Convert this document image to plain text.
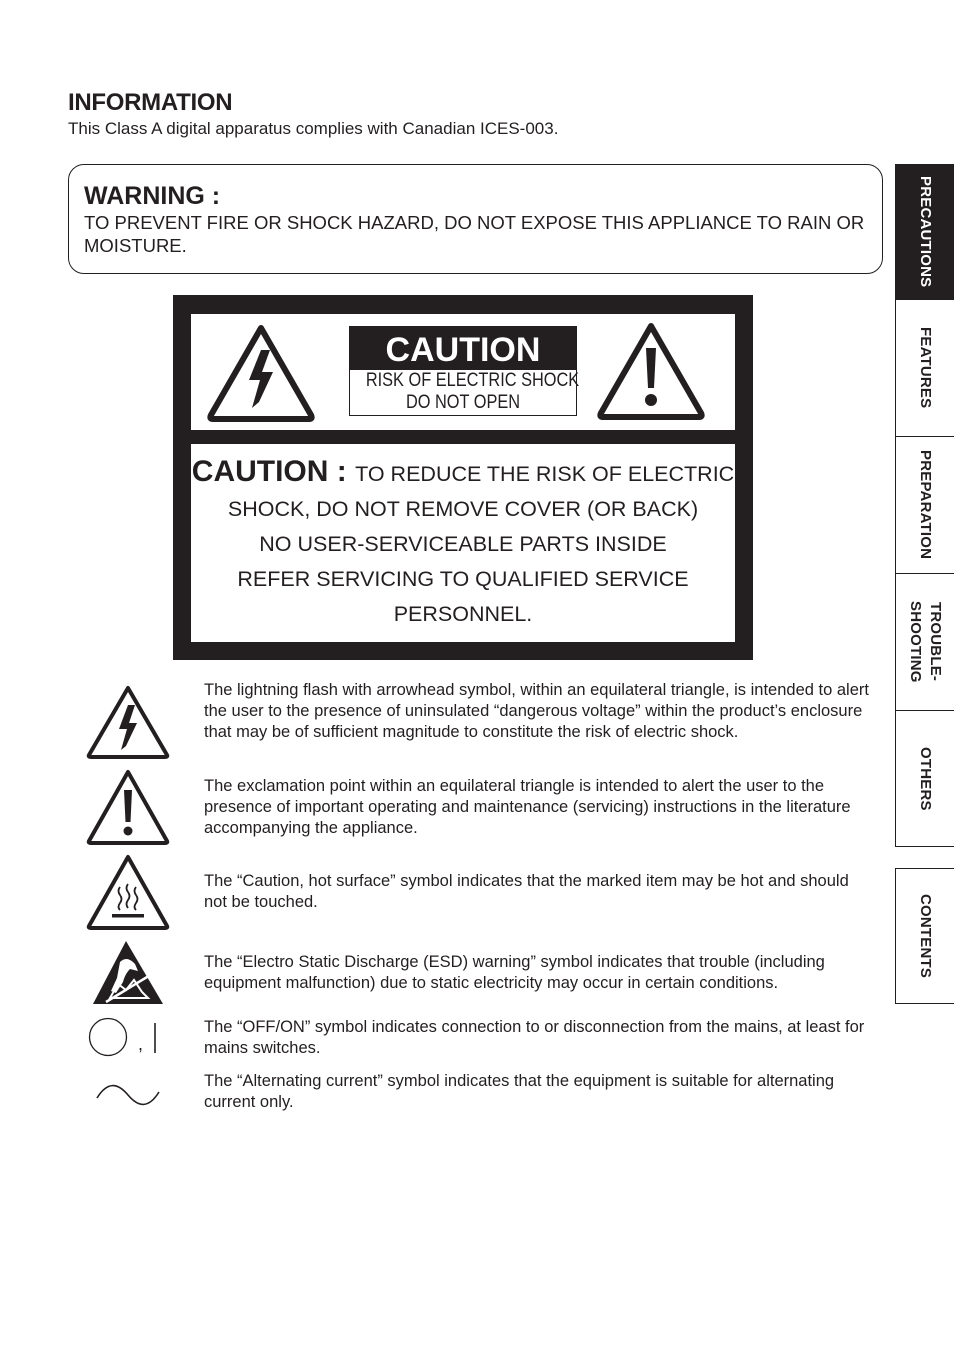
INFORMATION
This Class A digital apparatus complies with Canadian ICES-003.
WARNING :
TO PREVENT FIRE OR SHOCK HAZARD, DO NOT EXPOSE THIS APPLIANCE TO RAIN OR MOISTURE.
CAUTION
RISK OF ELECTRIC SHOCK
DO NOT OPEN
CAUTION : TO REDUCE THE RISK OF ELECTRIC
SHOCK, DO NOT REMOVE COVER (OR BACK)
NO USER-SERVICEABLE PARTS INSIDE
REFER SERVICING TO QUALIFIED SERVICE
PERSONNEL.
,
The lightning flash with arrowhead symbol, within an equilateral triangle, is intended to alert the user to the presence of uninsulated “dangerous voltage” within the product’s enclosure that may be of sufficient magnitude to constitute the risk of electric shock.
The exclamation point within an equilateral triangle is intended to alert the user to the presence of important operating and maintenance (servicing) instructions in the literature accompanying the appliance.
The “Caution, hot surface” symbol indicates that the marked item may be hot and should not be touched.
The “Electro Static Discharge (ESD) warning” symbol indicates that trouble (including equipment malfunction) due to static electricity may occur in certain conditions.
The “OFF/ON” symbol indicates connection to or disconnection from the mains, at least for mains switches.
The “Alternating current” symbol indicates that the equipment is suitable for alternating current only.
PRECAUTIONS
FEATURES
PREPARATION
TROUBLE-
SHOOTING
OTHERS
CONTENTS
